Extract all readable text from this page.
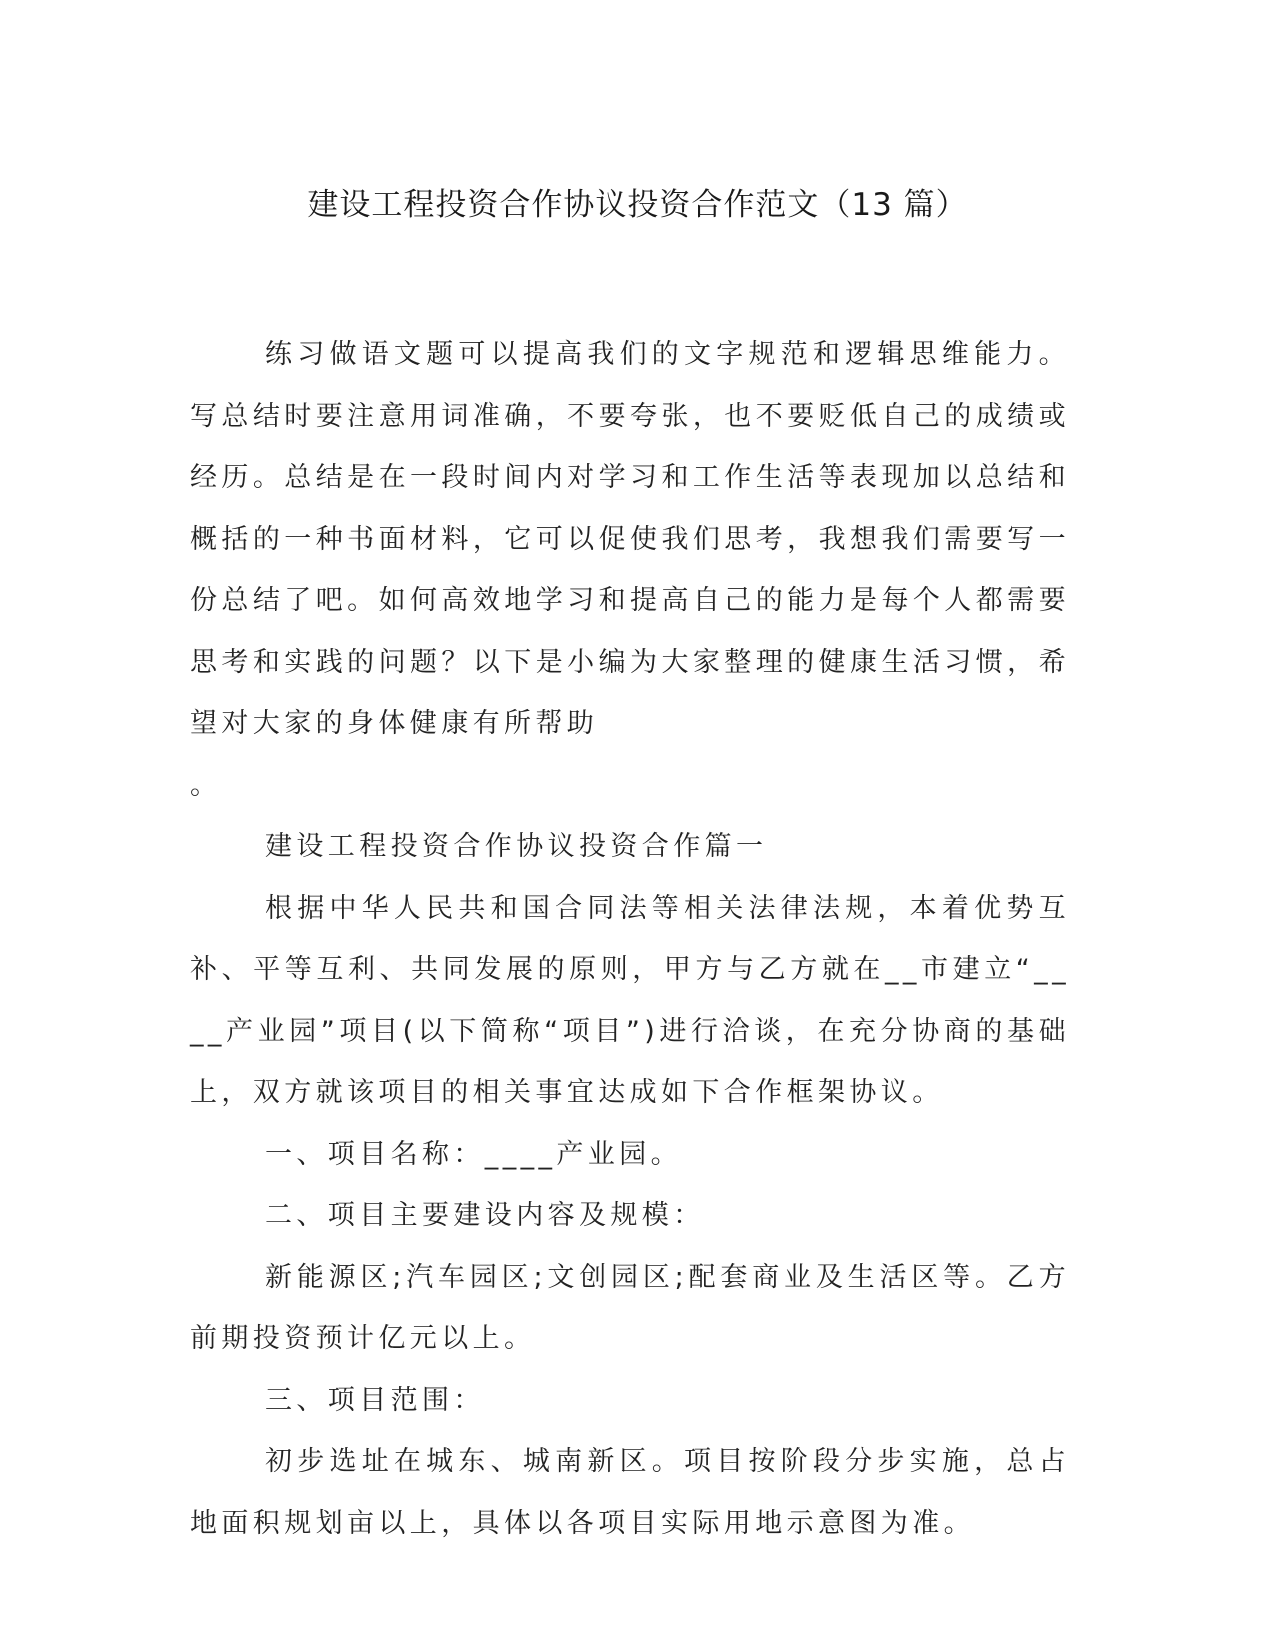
建设工程投资合作协议投资合作范文（13 篇）

练习做语文题可以提高我们的文字规范和逻辑思维能力。写总结时要注意用词准确，不要夸张，也不要贬低自己的成绩或经历。总结是在一段时间内对学习和工作生活等表现加以总结和概括的一种书面材料，它可以促使我们思考，我想我们需要写一份总结了吧。如何高效地学习和提高自己的能力是每个人都需要思考和实践的问题？以下是小编为大家整理的健康生活习惯，希望对大家的身体健康有所帮助

。

建设工程投资合作协议投资合作篇一

根据中华人民共和国合同法等相关法律法规，本着优势互补、平等互利、共同发展的原则，甲方与乙方就在__市建立“____产业园”项目(以下简称“项目”)进行洽谈，在充分协商的基础上，双方就该项目的相关事宜达成如下合作框架协议。

一、项目名称：____产业园。

二、项目主要建设内容及规模：

新能源区;汽车园区;文创园区;配套商业及生活区等。乙方前期投资预计亿元以上。

三、项目范围：

初步选址在城东、城南新区。项目按阶段分步实施，总占地面积规划亩以上，具体以各项目实际用地示意图为准。
